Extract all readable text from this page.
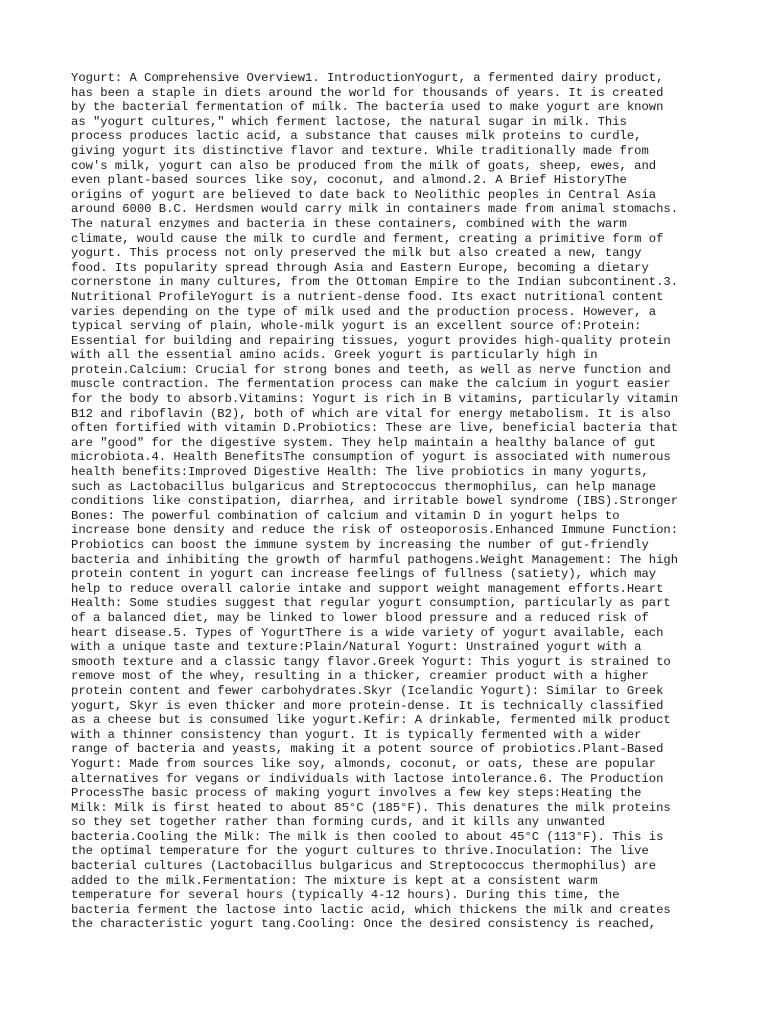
Yogurt: A Comprehensive Overview1. IntroductionYogurt, a fermented dairy product,
has been a staple in diets around the world for thousands of years. It is created
by the bacterial fermentation of milk. The bacteria used to make yogurt are known
as "yogurt cultures," which ferment lactose, the natural sugar in milk. This
process produces lactic acid, a substance that causes milk proteins to curdle,
giving yogurt its distinctive flavor and texture. While traditionally made from
cow's milk, yogurt can also be produced from the milk of goats, sheep, ewes, and
even plant-based sources like soy, coconut, and almond.2. A Brief HistoryThe
origins of yogurt are believed to date back to Neolithic peoples in Central Asia
around 6000 B.C. Herdsmen would carry milk in containers made from animal stomachs.
The natural enzymes and bacteria in these containers, combined with the warm
climate, would cause the milk to curdle and ferment, creating a primitive form of
yogurt. This process not only preserved the milk but also created a new, tangy
food. Its popularity spread through Asia and Eastern Europe, becoming a dietary
cornerstone in many cultures, from the Ottoman Empire to the Indian subcontinent.3.
Nutritional ProfileYogurt is a nutrient-dense food. Its exact nutritional content
varies depending on the type of milk used and the production process. However, a
typical serving of plain, whole-milk yogurt is an excellent source of:Protein:
Essential for building and repairing tissues, yogurt provides high-quality protein
with all the essential amino acids. Greek yogurt is particularly high in
protein.Calcium: Crucial for strong bones and teeth, as well as nerve function and
muscle contraction. The fermentation process can make the calcium in yogurt easier
for the body to absorb.Vitamins: Yogurt is rich in B vitamins, particularly vitamin
B12 and riboflavin (B2), both of which are vital for energy metabolism. It is also
often fortified with vitamin D.Probiotics: These are live, beneficial bacteria that
are "good" for the digestive system. They help maintain a healthy balance of gut
microbiota.4. Health BenefitsThe consumption of yogurt is associated with numerous
health benefits:Improved Digestive Health: The live probiotics in many yogurts,
such as Lactobacillus bulgaricus and Streptococcus thermophilus, can help manage
conditions like constipation, diarrhea, and irritable bowel syndrome (IBS).Stronger
Bones: The powerful combination of calcium and vitamin D in yogurt helps to
increase bone density and reduce the risk of osteoporosis.Enhanced Immune Function:
Probiotics can boost the immune system by increasing the number of gut-friendly
bacteria and inhibiting the growth of harmful pathogens.Weight Management: The high
protein content in yogurt can increase feelings of fullness (satiety), which may
help to reduce overall calorie intake and support weight management efforts.Heart
Health: Some studies suggest that regular yogurt consumption, particularly as part
of a balanced diet, may be linked to lower blood pressure and a reduced risk of
heart disease.5. Types of YogurtThere is a wide variety of yogurt available, each
with a unique taste and texture:Plain/Natural Yogurt: Unstrained yogurt with a
smooth texture and a classic tangy flavor.Greek Yogurt: This yogurt is strained to
remove most of the whey, resulting in a thicker, creamier product with a higher
protein content and fewer carbohydrates.Skyr (Icelandic Yogurt): Similar to Greek
yogurt, Skyr is even thicker and more protein-dense. It is technically classified
as a cheese but is consumed like yogurt.Kefir: A drinkable, fermented milk product
with a thinner consistency than yogurt. It is typically fermented with a wider
range of bacteria and yeasts, making it a potent source of probiotics.Plant-Based
Yogurt: Made from sources like soy, almonds, coconut, or oats, these are popular
alternatives for vegans or individuals with lactose intolerance.6. The Production
ProcessThe basic process of making yogurt involves a few key steps:Heating the
Milk: Milk is first heated to about 85°C (185°F). This denatures the milk proteins
so they set together rather than forming curds, and it kills any unwanted
bacteria.Cooling the Milk: The milk is then cooled to about 45°C (113°F). This is
the optimal temperature for the yogurt cultures to thrive.Inoculation: The live
bacterial cultures (Lactobacillus bulgaricus and Streptococcus thermophilus) are
added to the milk.Fermentation: The mixture is kept at a consistent warm
temperature for several hours (typically 4-12 hours). During this time, the
bacteria ferment the lactose into lactic acid, which thickens the milk and creates
the characteristic yogurt tang.Cooling: Once the desired consistency is reached,
